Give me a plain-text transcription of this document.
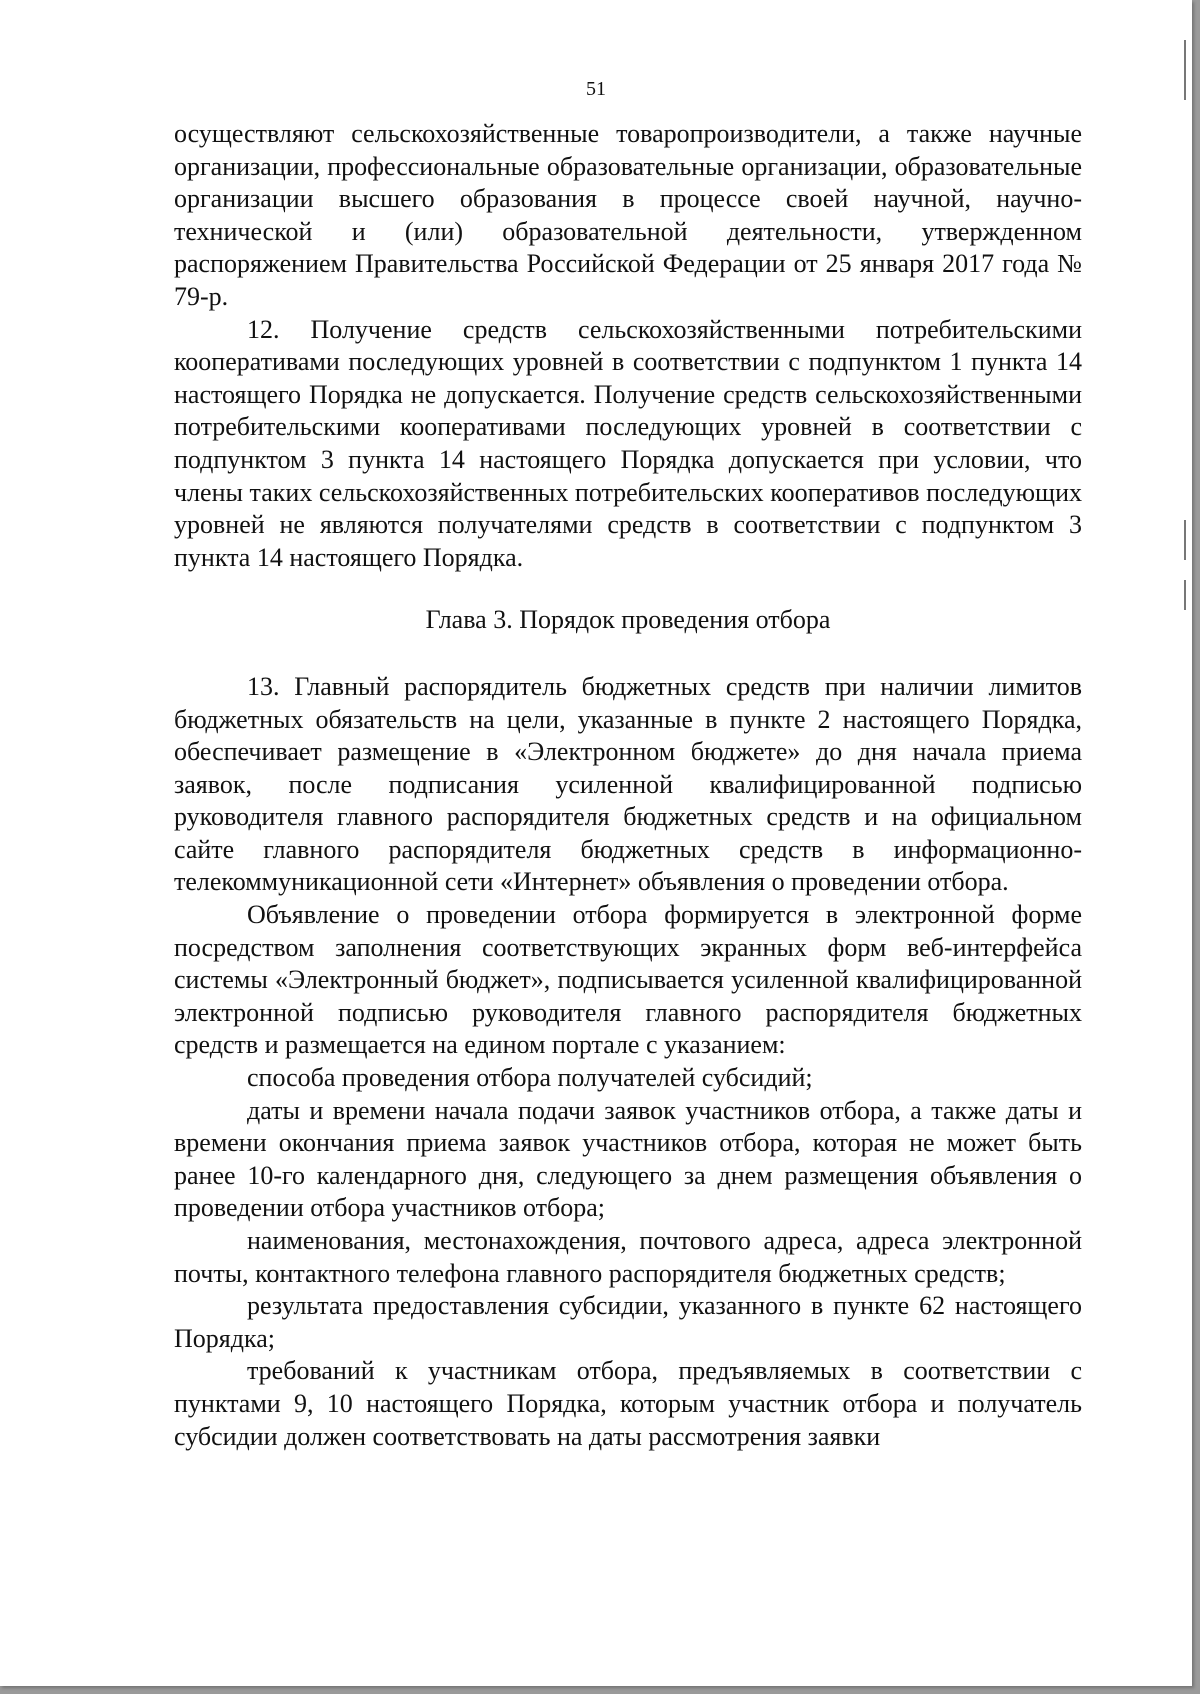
51

осуществляют сельскохозяйственные товаропроизводители, а также научные организации, профессиональные образовательные организации, образовательные организации высшего образования в процессе своей научной, научно-технической и (или) образовательной деятельности, утвержденном распоряжением Правительства Российской Федерации от 25 января 2017 года № 79-р.

12. Получение средств сельскохозяйственными потребительскими кооперативами последующих уровней в соответствии с подпунктом 1 пункта 14 настоящего Порядка не допускается. Получение средств сельскохозяйственными потребительскими кооперативами последующих уровней в соответствии с подпунктом 3 пункта 14 настоящего Порядка допускается при условии, что члены таких сельскохозяйственных потребительских кооперативов последующих уровней не являются получателями средств в соответствии с подпунктом 3 пункта 14 настоящего Порядка.

Глава 3. Порядок проведения отбора

13. Главный распорядитель бюджетных средств при наличии лимитов бюджетных обязательств на цели, указанные в пункте 2 настоящего Порядка, обеспечивает размещение в «Электронном бюджете» до дня начала приема заявок, после подписания усиленной квалифицированной подписью руководителя главного распорядителя бюджетных средств и на официальном сайте главного распорядителя бюджетных средств в информационно-телекоммуникационной сети «Интернет» объявления о проведении отбора.

Объявление о проведении отбора формируется в электронной форме посредством заполнения соответствующих экранных форм веб-интерфейса системы «Электронный бюджет», подписывается усиленной квалифицированной электронной подписью руководителя главного распорядителя бюджетных средств и размещается на едином портале с указанием:

способа проведения отбора получателей субсидий;

даты и времени начала подачи заявок участников отбора, а также даты и времени окончания приема заявок участников отбора, которая не может быть ранее 10-го календарного дня, следующего за днем размещения объявления о проведении отбора участников отбора;

наименования, местонахождения, почтового адреса, адреса электронной почты, контактного телефона главного распорядителя бюджетных средств;

результата предоставления субсидии, указанного в пункте 62 настоящего Порядка;

требований к участникам отбора, предъявляемых в соответствии с пунктами 9, 10 настоящего Порядка, которым участник отбора и получатель субсидии должен соответствовать на даты рассмотрения заявки
